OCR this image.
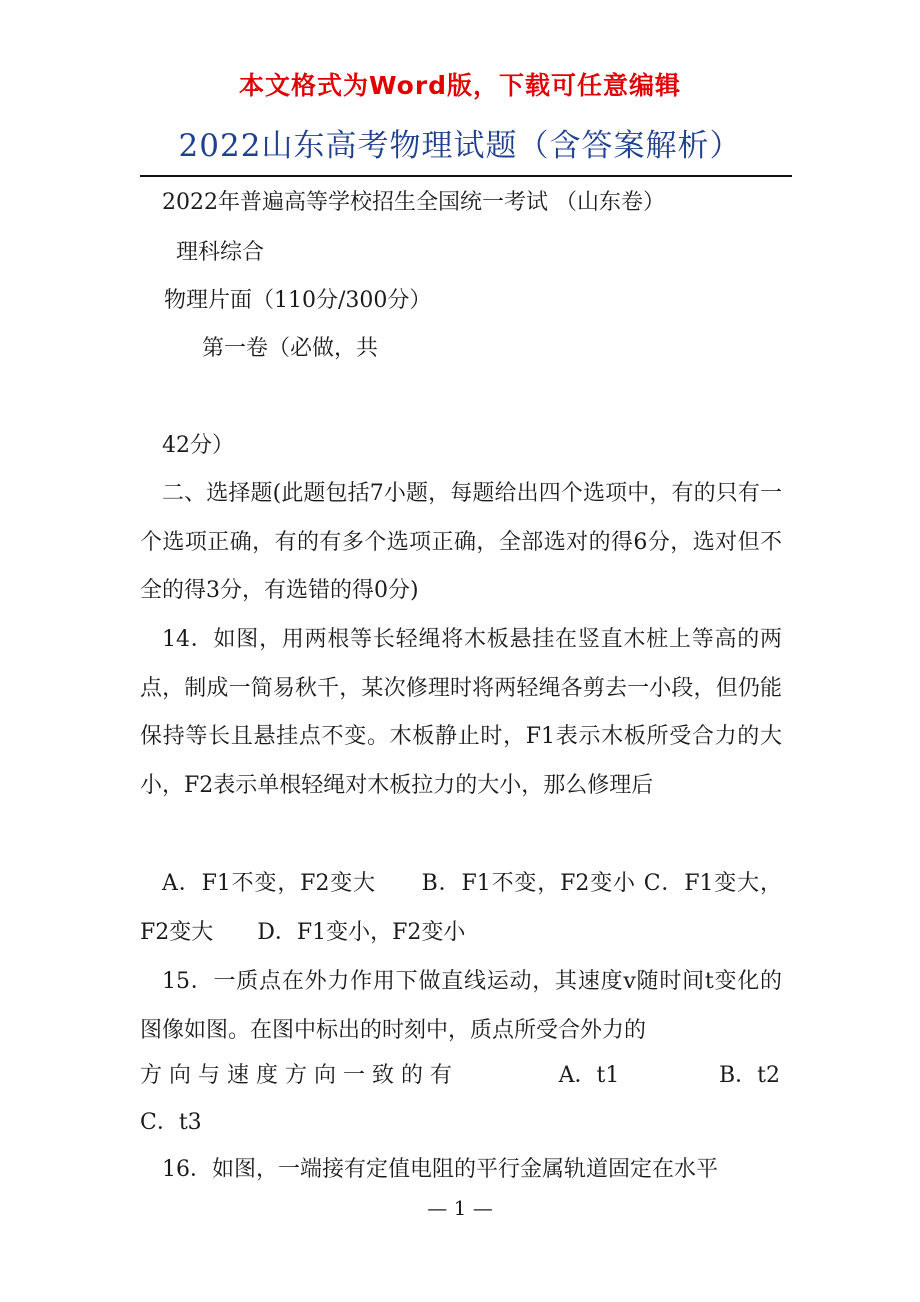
本文格式为Word版，下载可任意编辑
2022山东高考物理试题（含答案解析）
2022年普遍高等学校招生全国统一考试 （山东卷）
理科综合
物理片面（110分/300分）
第一卷（必做，共
42分）
二、选择题(此题包括7小题，每题给出四个选项中，有的只有一个选项正确，有的有多个选项正确，全部选对的得6分，选对但不全的得3分，有选错的得0分)
14．如图，用两根等长轻绳将木板悬挂在竖直木桩上等高的两点，制成一简易秋千，某次修理时将两轻绳各剪去一小段，但仍能保持等长且悬挂点不变。木板静止时，F1表示木板所受合力的大小，F2表示单根轻绳对木板拉力的大小，那么修理后
A．F1不变，F2变大　　B．F1不变，F2变小 C．F1变大，F2变大　　D．F1变小，F2变小
15．一质点在外力作用下做直线运动，其速度v随时间t变化的图像如图。在图中标出的时刻中，质点所受合外力的
方向与速度方向一致的有	A．t1	B．t2
C．t3
16．如图，一端接有定值电阻的平行金属轨道固定在水平
— 1 —
